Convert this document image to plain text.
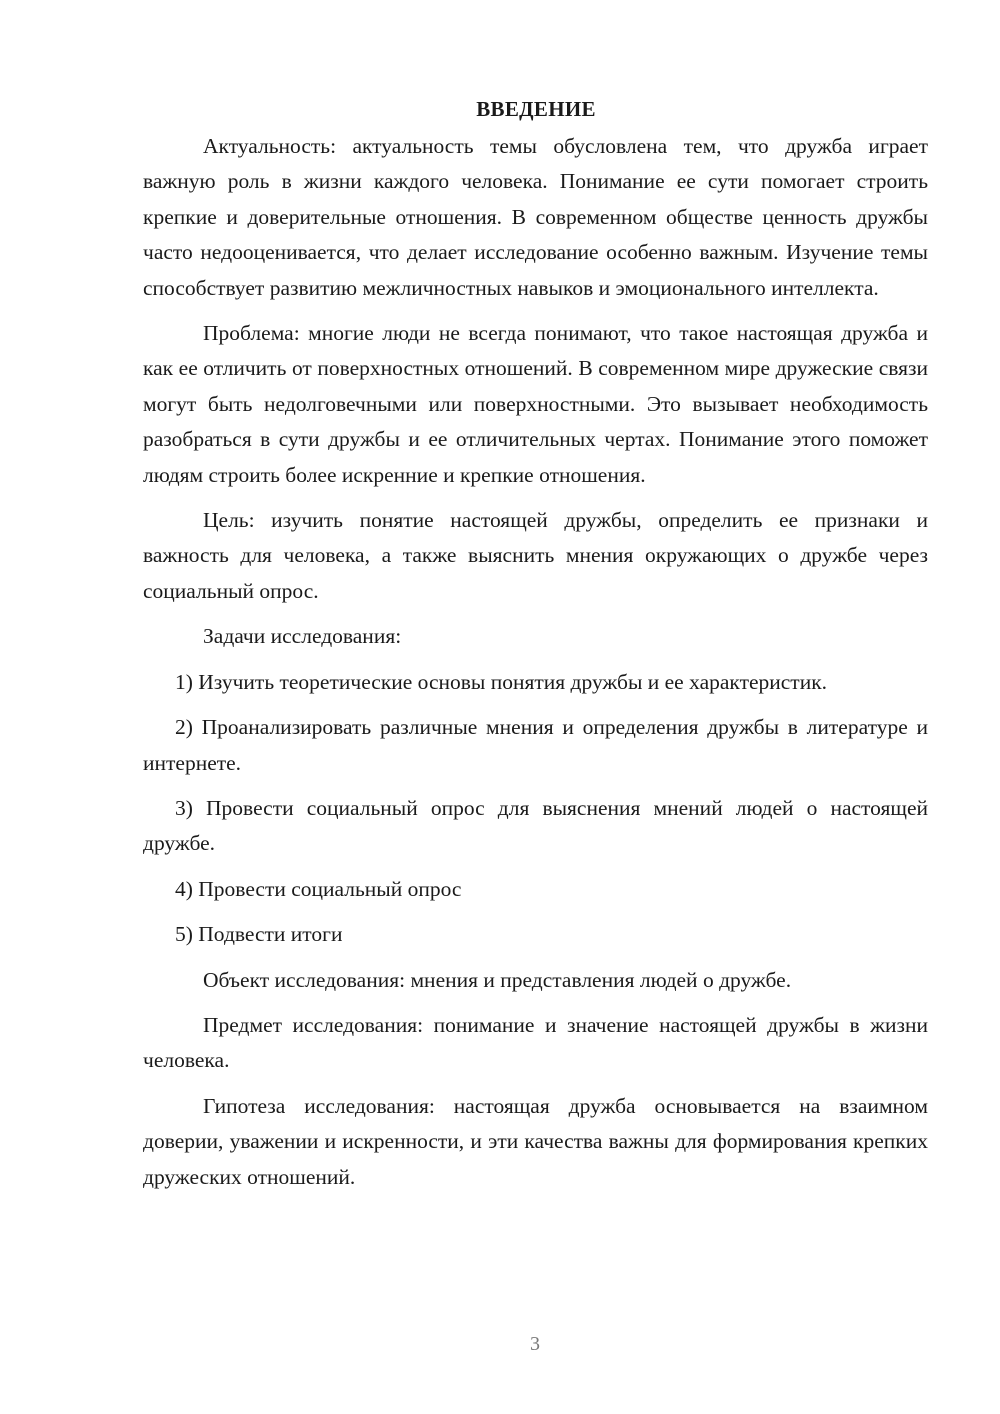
ВВЕДЕНИЕ

Актуальность: актуальность темы обусловлена тем, что дружба играет важную роль в жизни каждого человека. Понимание ее сути помогает строить крепкие и доверительные отношения. В современном обществе ценность дружбы часто недооценивается, что делает исследование особенно важным. Изучение темы способствует развитию межличностных навыков и эмоционального интеллекта.

Проблема: многие люди не всегда понимают, что такое настоящая дружба и как ее отличить от поверхностных отношений. В современном мире дружеские связи могут быть недолговечными или поверхностными. Это вызывает необходимость разобраться в сути дружбы и ее отличительных чертах. Понимание этого поможет людям строить более искренние и крепкие отношения.

Цель: изучить понятие настоящей дружбы, определить ее признаки и важность для человека, а также выяснить мнения окружающих о дружбе через социальный опрос.

Задачи исследования:

1) Изучить теоретические основы понятия дружбы и ее характеристик.

2) Проанализировать различные мнения и определения дружбы в литературе и интернете.

3) Провести социальный опрос для выяснения мнений людей о настоящей дружбе.

4) Провести социальный опрос

5) Подвести итоги

Объект исследования: мнения и представления людей о дружбе.

Предмет исследования: понимание и значение настоящей дружбы в жизни человека.

Гипотеза исследования: настоящая дружба основывается на взаимном доверии, уважении и искренности, и эти качества важны для формирования крепких дружеских отношений.

3
